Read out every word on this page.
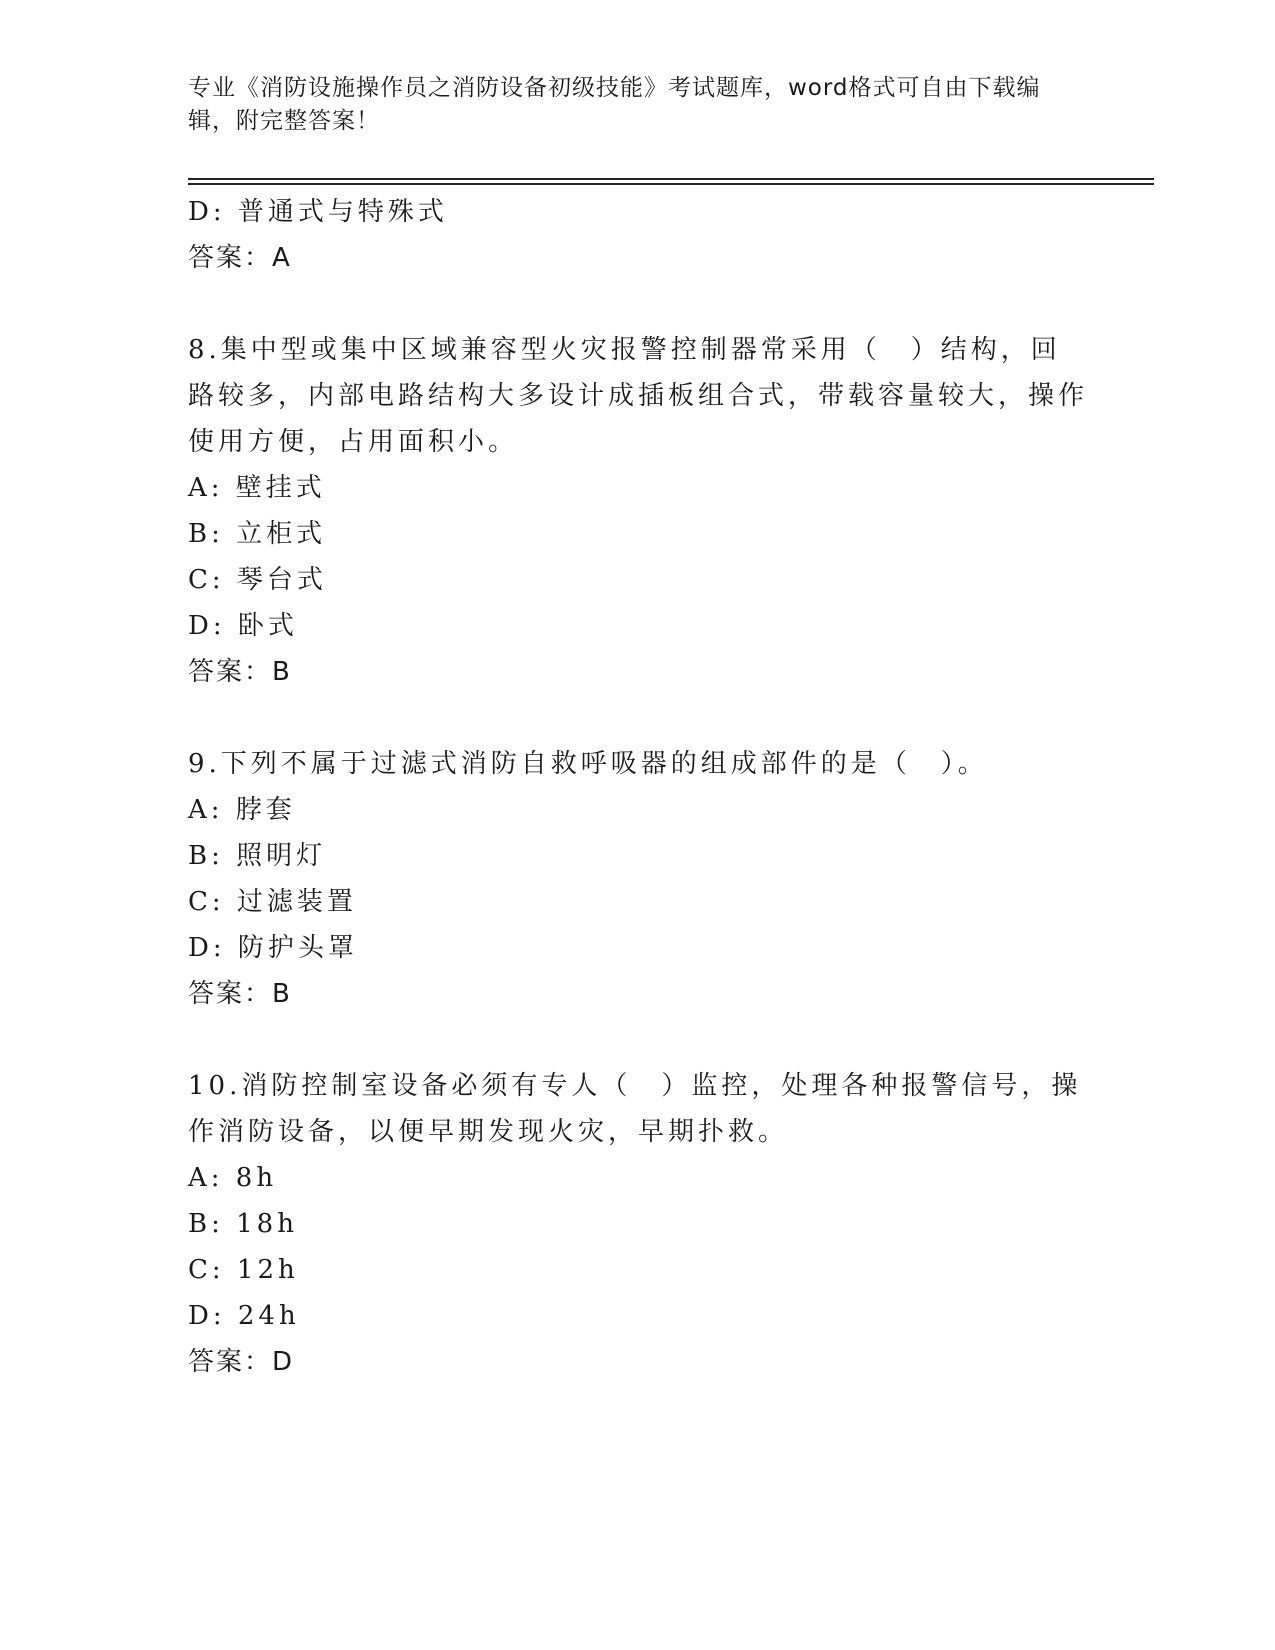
专业《消防设施操作员之消防设备初级技能》考试题库，word格式可自由下载编辑，附完整答案！
D: 普通式与特殊式
答案：A
8.集中型或集中区域兼容型火灾报警控制器常采用（　）结构，回路较多，内部电路结构大多设计成插板组合式，带载容量较大，操作使用方便，占用面积小。
A: 壁挂式
B: 立柜式
C: 琴台式
D: 卧式
答案：B
9.下列不属于过滤式消防自救呼吸器的组成部件的是（　）。
A: 脖套
B: 照明灯
C: 过滤装置
D: 防护头罩
答案：B
10.消防控制室设备必须有专人（　）监控，处理各种报警信号，操作消防设备，以便早期发现火灾，早期扑救。
A: 8h
B: 18h
C: 12h
D: 24h
答案：D
